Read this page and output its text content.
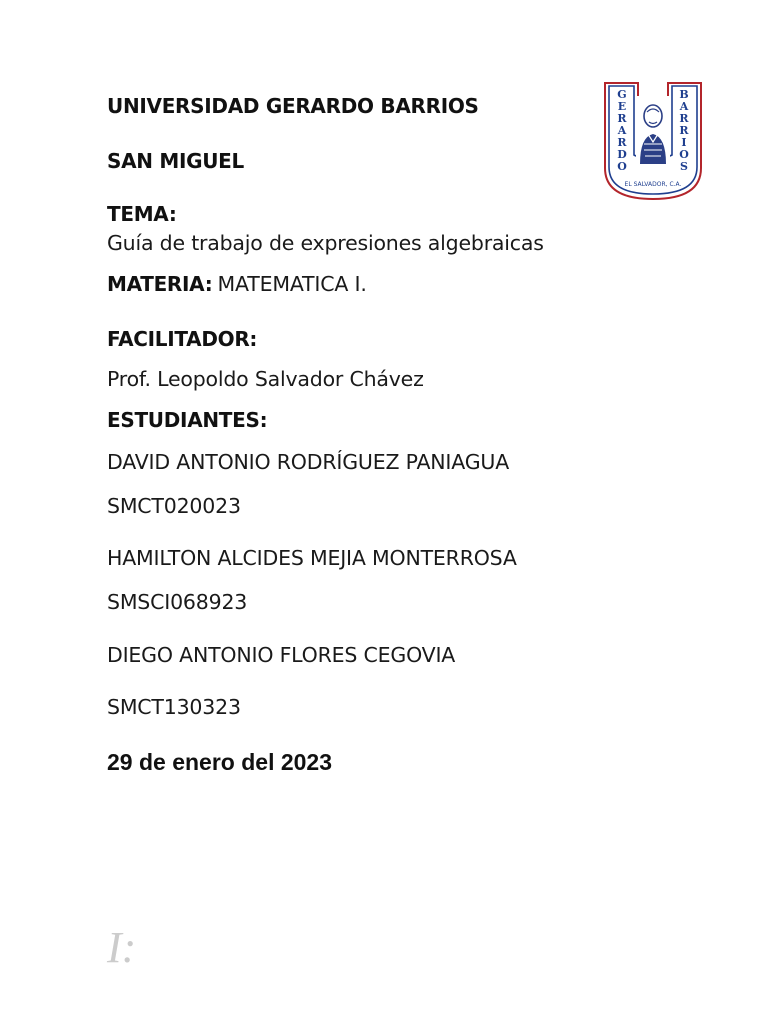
UNIVERSIDAD GERARDO BARRIOS

SAN MIGUEL

TEMA:

Guía de trabajo de expresiones algebraicas

MATERIA: MATEMATICA I.

FACILITADOR:

Prof. Leopoldo Salvador Chávez

ESTUDIANTES:

DAVID ANTONIO RODRÍGUEZ PANIAGUA

SMCT020023

HAMILTON ALCIDES MEJIA MONTERROSA

SMSCI068923

DIEGO ANTONIO FLORES CEGOVIA

SMCT130323

29 de enero del 2023

I:

G
E
R
A
R
D
O
B
A
R
R
I
O
S
EL SALVADOR, C.A.
